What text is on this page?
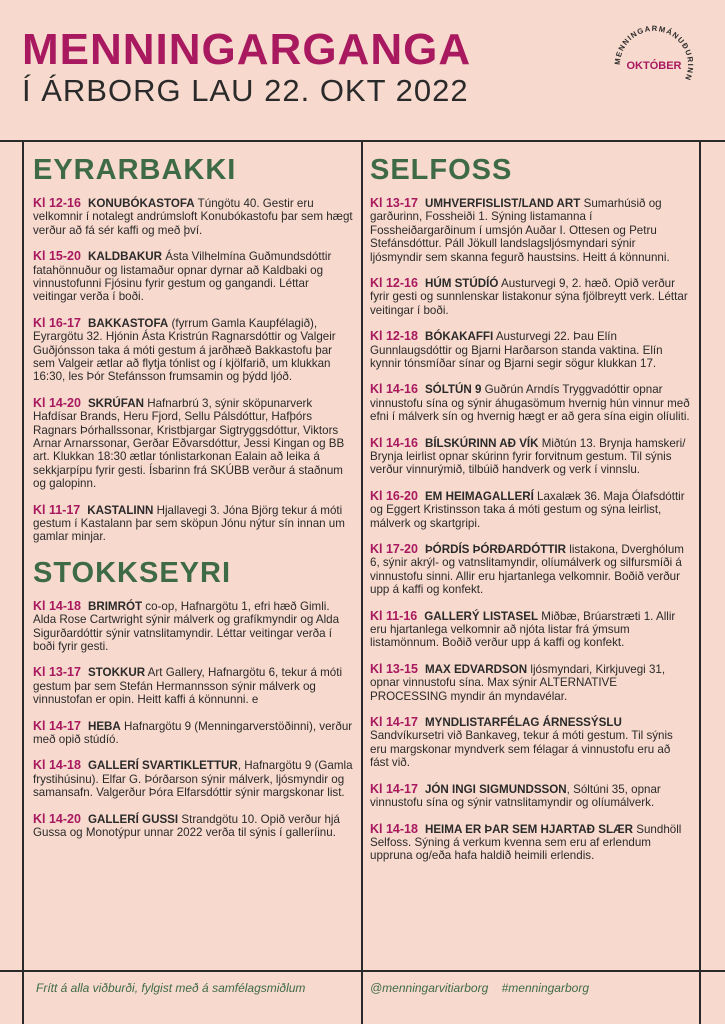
MENNINGARGANGA
Í ÁRBORG LAU 22. OKT 2022
MENNINGARMÁNUÐURINN
OKTÓBER
EYRARBAKKI
Kl 12-16 KONUBÓKASTOFA Túngötu 40. Gestir eru velkomnir í notalegt andrúmsloft Konubókastofu þar sem hægt verður að fá sér kaffi og með því.
Kl 15-20 KALDBAKUR Ásta Vilhelmína Guðmundsdóttir fatahönnuður og listamaður opnar dyrnar að Kaldbaki og vinnustofunni Fjósinu fyrir gestum og gangandi. Léttar veitingar verða í boði.
Kl 16-17 BAKKASTOFA (fyrrum Gamla Kaupfélagið), Eyrargötu 32. Hjónin Ásta Kristrún Ragnarsdóttir og Valgeir Guðjónsson taka á móti gestum á jarðhæð Bakkastofu þar sem Valgeir ætlar að flytja tónlist og í kjölfarið, um klukkan 16:30, les Þór Stefánsson frumsamin og þýdd ljóð.
Kl 14-20 SKRÚFAN Hafnarbrú 3, sýnir sköpunarverk Hafdísar Brands, Heru Fjord, Sellu Pálsdóttur, Hafþórs Ragnars Þórhallssonar, Kristbjargar Sigtryggsdóttur, Viktors Arnar Arnarssonar, Gerðar Eðvarsdóttur, Jessi Kingan og BB art. Klukkan 18:30 ætlar tónlistarkonan Ealain að leika á sekkjarpípu fyrir gesti. Ísbarinn frá SKÚBB verður á staðnum og galopinn.
Kl 11-17 KASTALINN Hjallavegi 3. Jóna Björg tekur á móti gestum í Kastalann þar sem sköpun Jónu nýtur sín innan um gamlar minjar.
STOKKSEYRI
Kl 14-18 BRIMRÓT co-op, Hafnargötu 1, efri hæð Gimli. Alda Rose Cartwright sýnir málverk og grafíkmyndir og Alda Sigurðardóttir sýnir vatnslitamyndir. Léttar veitingar verða í boði fyrir gesti.
Kl 13-17 STOKKUR Art Gallery, Hafnargötu 6, tekur á móti gestum þar sem Stefán Hermannsson sýnir málverk og vinnustofan er opin. Heitt kaffi á könnunni. e
Kl 14-17 HEBA Hafnargötu 9 (Menningarverstöðinni), verður með opið stúdíó.
Kl 14-18 GALLERÍ SVARTIKLETTUR, Hafnargötu 9 (Gamla frystihúsinu). Elfar G. Þórðarson sýnir málverk, ljósmyndir og samansafn. Valgerður Þóra Elfarsdóttir sýnir margskonar list.
Kl 14-20 GALLERÍ GUSSI Strandgötu 10. Opið verður hjá Gussa og Monotýpur unnar 2022 verða til sýnis í galleríinu.
SELFOSS
Kl 13-17 UMHVERFISLIST/LAND ART Sumarhúsið og garðurinn, Fossheiði 1. Sýning listamanna í Fossheiðargarðinum í umsjón Auðar I. Ottesen og Petru Stefánsdóttur. Páll Jökull landslagsljósmyndari sýnir ljósmyndir sem skanna fegurð haustsins. Heitt á könnunni.
Kl 12-16 HÚM STÚDÍÓ Austurvegi 9, 2. hæð. Opið verður fyrir gesti og sunnlenskar listakonur sýna fjölbreytt verk. Léttar veitingar í boði.
Kl 12-18 BÓKAKAFFI Austurvegi 22. Þau Elín Gunnlaugsdóttir og Bjarni Harðarson standa vaktina. Elín kynnir tónsmíðar sínar og Bjarni segir sögur klukkan 17.
Kl 14-16 SÓLTÚN 9 Guðrún Arndís Tryggvadóttir opnar vinnustofu sína og sýnir áhugasömum hvernig hún vinnur með efni í málverk sín og hvernig hægt er að gera sína eigin olíuliti.
Kl 14-16 BÍLSKÚRINN AÐ VÍK Miðtún 13. Brynja hamskeri/ Brynja leirlist opnar skúrinn fyrir forvitnum gestum. Til sýnis verður vinnurýmið, tilbúið handverk og verk í vinnslu.
Kl 16-20 EM HEIMAGALLERÍ Laxalæk 36. Maja Ólafsdóttir og Eggert Kristinsson taka á móti gestum og sýna leirlist, málverk og skartgripi.
Kl 17-20 ÞÓRDÍS ÞÓRÐARDÓTTIR listakona, Dverghólum 6, sýnir akrýl- og vatnslitamyndir, olíumálverk og silfursmíði á vinnustofu sinni. Allir eru hjartanlega velkomnir. Boðið verður upp á kaffi og konfekt.
Kl 11-16 GALLERÝ LISTASEL Miðbæ, Brúarstræti 1. Allir eru hjartanlega velkomnir að njóta listar frá ýmsum listamönnum. Boðið verður upp á kaffi og konfekt.
Kl 13-15 MAX EDVARDSON ljósmyndari, Kirkjuvegi 31, opnar vinnustofu sína. Max sýnir ALTERNATIVE PROCESSING myndir án myndavélar.
Kl 14-17 MYNDLISTARFÉLAG ÁRNESSÝSLU Sandvíkursetri við Bankaveg, tekur á móti gestum. Til sýnis eru margskonar myndverk sem félagar á vinnustofu eru að fást við.
Kl 14-17 JÓN INGI SIGMUNDSSON, Sóltúni 35, opnar vinnustofu sína og sýnir vatnslitamyndir og olíumálverk.
Kl 14-18 HEIMA ER ÞAR SEM HJARTAÐ SLÆR Sundhöll Selfoss. Sýning á verkum kvenna sem eru af erlendum uppruna og/eða hafa haldið heimili erlendis.
Frítt á alla viðburði, fylgist með á samfélagsmiðlum	@menningarvitiarborg #menningarborg
